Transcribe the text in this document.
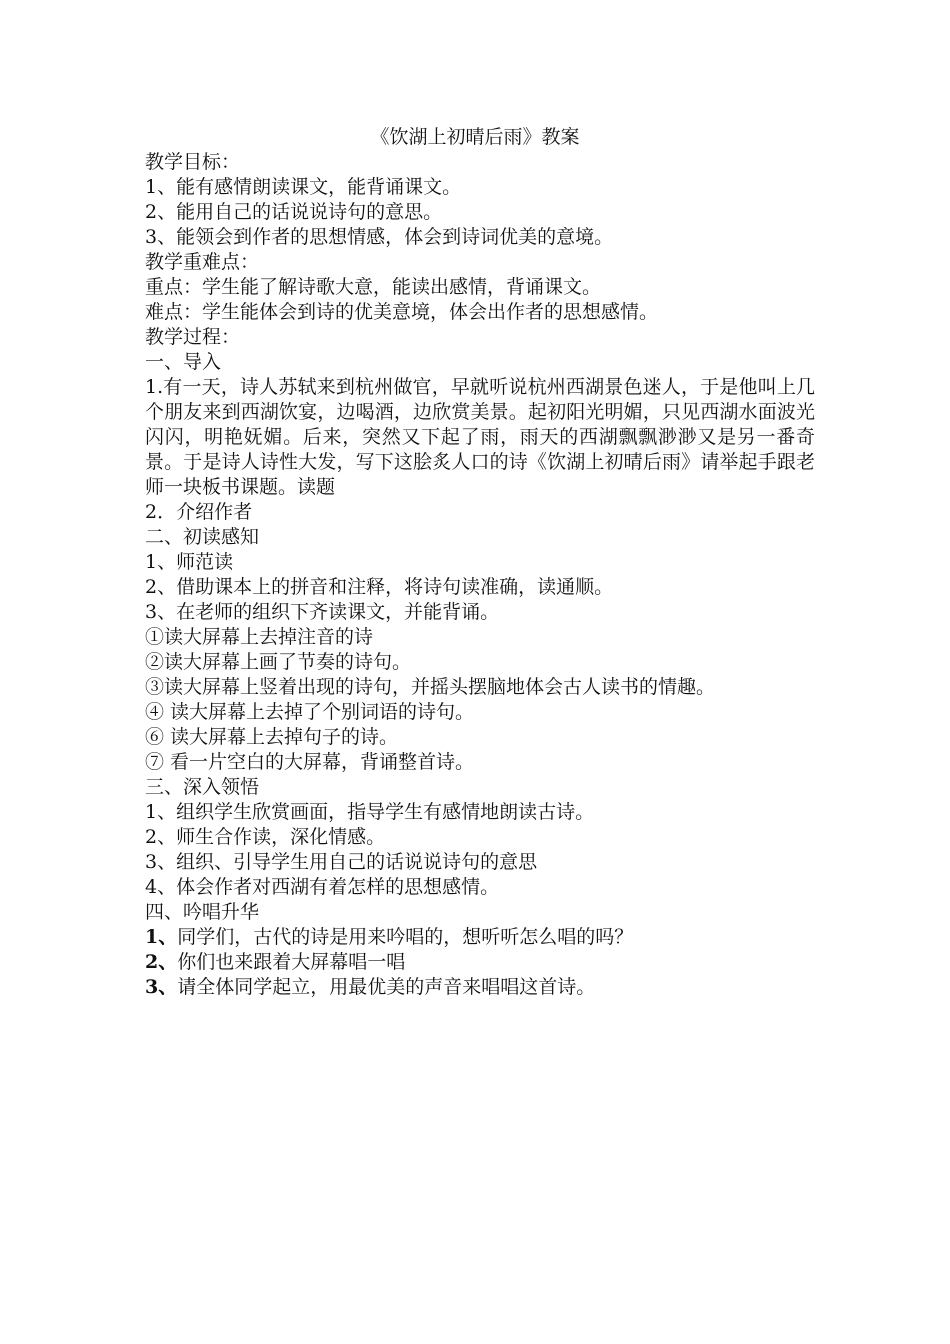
《饮湖上初晴后雨》教案
教学目标：
1、能有感情朗读课文，能背诵课文。
2、能用自己的话说说诗句的意思。
3、能领会到作者的思想情感，体会到诗词优美的意境。
教学重难点：
重点：学生能了解诗歌大意，能读出感情，背诵课文。
难点：学生能体会到诗的优美意境，体会出作者的思想感情。
教学过程：
一、导入
1.有一天，诗人苏轼来到杭州做官，早就听说杭州西湖景色迷人，于是他叫上几个朋友来到西湖饮宴，边喝酒，边欣赏美景。起初阳光明媚，只见西湖水面波光闪闪，明艳妩媚。后来，突然又下起了雨，雨天的西湖飘飘渺渺又是另一番奇景。于是诗人诗性大发，写下这脍炙人口的诗《饮湖上初晴后雨》请举起手跟老师一块板书课题。读题
2．介绍作者
二、初读感知
1、师范读
2、借助课本上的拼音和注释，将诗句读准确，读通顺。
3、在老师的组织下齐读课文，并能背诵。
①读大屏幕上去掉注音的诗
②读大屏幕上画了节奏的诗句。
③读大屏幕上竖着出现的诗句，并摇头摆脑地体会古人读书的情趣。
④ 读大屏幕上去掉了个别词语的诗句。
⑥ 读大屏幕上去掉句子的诗。
⑦ 看一片空白的大屏幕，背诵整首诗。
三、深入领悟
1、组织学生欣赏画面，指导学生有感情地朗读古诗。
2、师生合作读，深化情感。
3、组织、引导学生用自己的话说说诗句的意思
4、体会作者对西湖有着怎样的思想感情。
四、吟唱升华
1、同学们，古代的诗是用来吟唱的，想听听怎么唱的吗？
2、你们也来跟着大屏幕唱一唱
3、请全体同学起立，用最优美的声音来唱唱这首诗。
